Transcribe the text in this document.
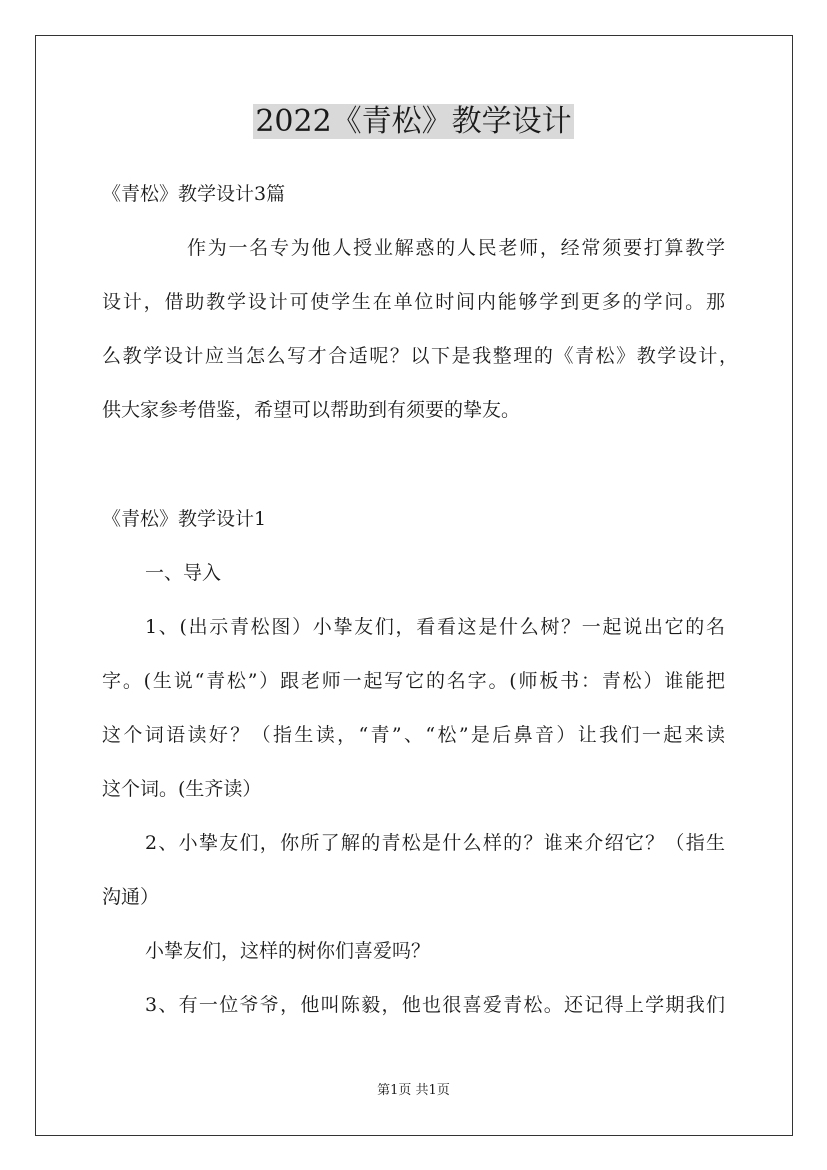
2022《青松》教学设计
《青松》教学设计3篇
作为一名专为他人授业解惑的人民老师，经常须要打算教学
设计，借助教学设计可使学生在单位时间内能够学到更多的学问。那
么教学设计应当怎么写才合适呢？以下是我整理的《青松》教学设计，
供大家参考借鉴，希望可以帮助到有须要的挚友。
《青松》教学设计1
一、导入
1、(出示青松图）小挚友们，看看这是什么树？一起说出它的名
字。(生说“青松”）跟老师一起写它的名字。(师板书：青松）谁能把
这个词语读好？（指生读，“青”、“松”是后鼻音）让我们一起来读
这个词。(生齐读）
2、小挚友们，你所了解的青松是什么样的？谁来介绍它？（指生
沟通）
小挚友们，这样的树你们喜爱吗？
3、有一位爷爷，他叫陈毅，他也很喜爱青松。还记得上学期我们
第1页 共1页
